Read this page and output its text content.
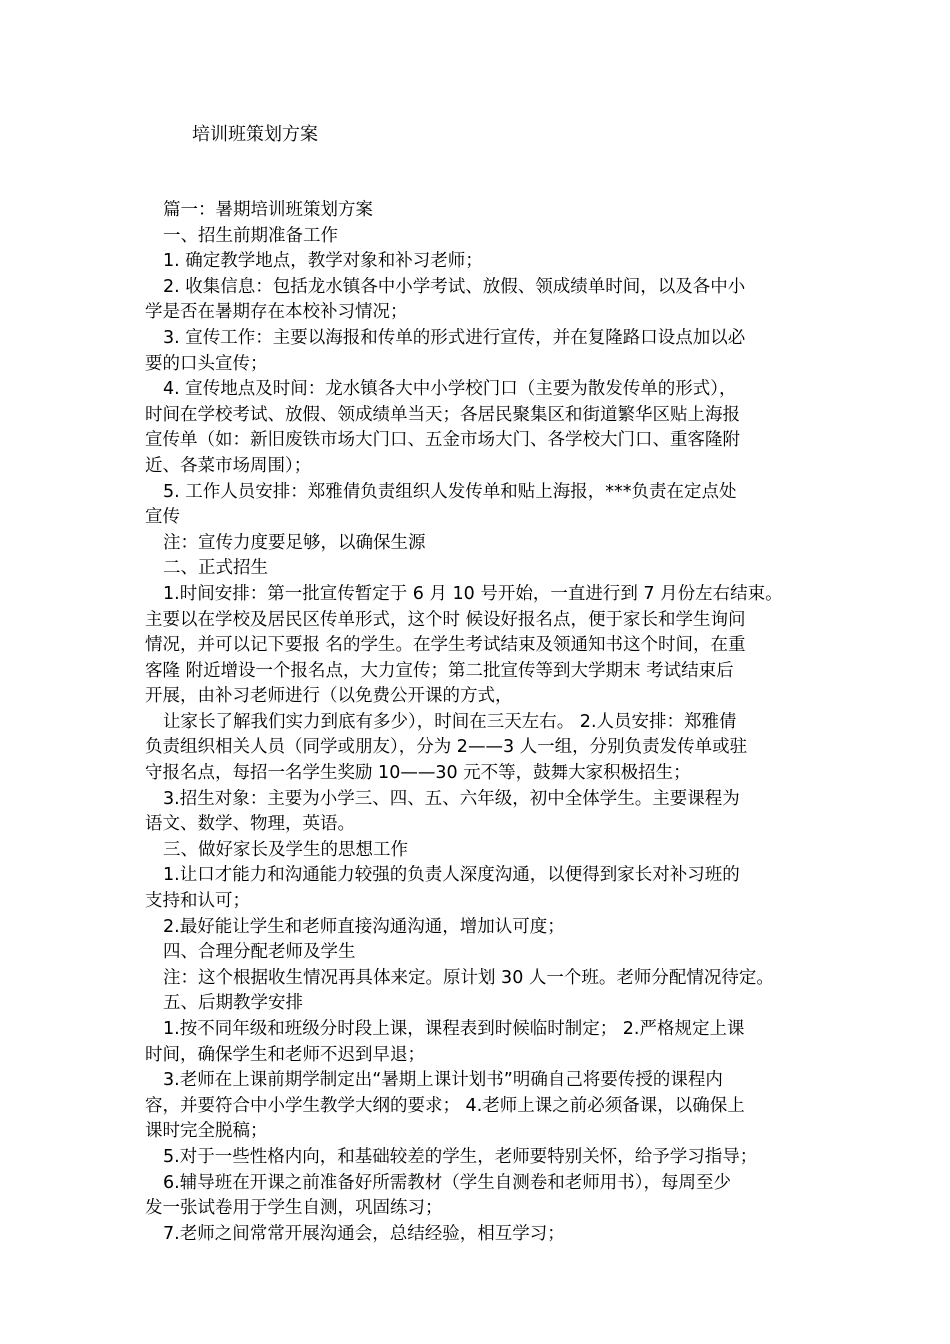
培训班策划方案
篇一：暑期培训班策划方案
一、招生前期准备工作
1. 确定教学地点，教学对象和补习老师；
2. 收集信息：包括龙水镇各中小学考试、放假、领成绩单时间，以及各中小
学是否在暑期存在本校补习情况；
3. 宣传工作：主要以海报和传单的形式进行宣传，并在复隆路口设点加以必
要的口头宣传；
4. 宣传地点及时间：龙水镇各大中小学校门口（主要为散发传单的形式），
时间在学校考试、放假、领成绩单当天；各居民聚集区和街道繁华区贴上海报
宣传单（如：新旧废铁市场大门口、五金市场大门、各学校大门口、重客隆附
近、各菜市场周围）；
5. 工作人员安排：郑雅倩负责组织人发传单和贴上海报，***负责在定点处
宣传
注：宣传力度要足够，以确保生源
二、正式招生
1.时间安排：第一批宣传暂定于 6 月 10 号开始，一直进行到 7 月份左右结束。
主要以在学校及居民区传单形式，这个时 候设好报名点，便于家长和学生询问
情况，并可以记下要报 名的学生。在学生考试结束及领通知书这个时间，在重
客隆 附近增设一个报名点，大力宣传；第二批宣传等到大学期末 考试结束后
开展，由补习老师进行（以免费公开课的方式，
让家长了解我们实力到底有多少），时间在三天左右。 2.人员安排：郑雅倩
负责组织相关人员（同学或朋友），分为 2——3 人一组，分别负责发传单或驻
守报名点，每招一名学生奖励 10——30 元不等，鼓舞大家积极招生；
3.招生对象：主要为小学三、四、五、六年级，初中全体学生。主要课程为
语文、数学、物理，英语。
三、做好家长及学生的思想工作
1.让口才能力和沟通能力较强的负责人深度沟通，以便得到家长对补习班的
支持和认可；
2.最好能让学生和老师直接沟通沟通，增加认可度；
四、合理分配老师及学生
注：这个根据收生情况再具体来定。原计划 30 人一个班。老师分配情况待定。
五、后期教学安排
1.按不同年级和班级分时段上课，课程表到时候临时制定； 2.严格规定上课
时间，确保学生和老师不迟到早退；
3.老师在上课前期学制定出“暑期上课计划书”明确自己将要传授的课程内
容，并要符合中小学生教学大纲的要求； 4.老师上课之前必须备课，以确保上
课时完全脱稿；
5.对于一些性格内向，和基础较差的学生，老师要特别关怀，给予学习指导；
6.辅导班在开课之前准备好所需教材（学生自测卷和老师用书），每周至少
发一张试卷用于学生自测，巩固练习；
7.老师之间常常开展沟通会，总结经验，相互学习；
